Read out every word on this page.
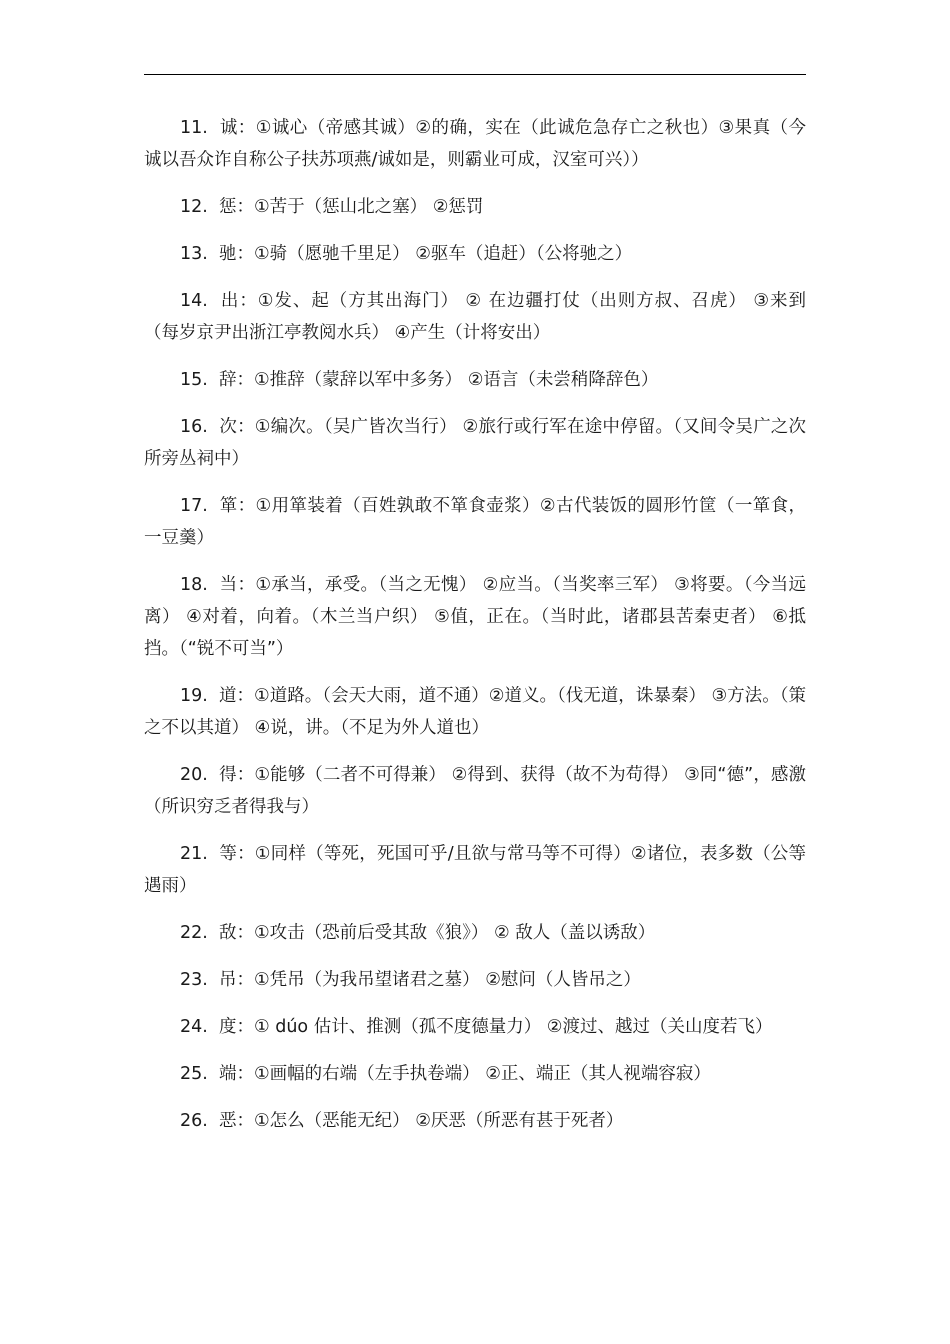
11. 诚：①诚心（帝感其诚）②的确，实在（此诚危急存亡之秋也）③果真（今诚以吾众诈自称公子扶苏项燕/诚如是，则霸业可成，汉室可兴））

12. 惩：①苦于（惩山北之塞） ②惩罚

13. 驰：①骑（愿驰千里足） ②驱车（追赶）（公将驰之）

14. 出：①发、起（方其出海门） ② 在边疆打仗（出则方叔、召虎） ③来到（每岁京尹出浙江亭教阅水兵） ④产生（计将安出）

15. 辞：①推辞（蒙辞以军中多务） ②语言（未尝稍降辞色）

16. 次：①编次。（吴广皆次当行） ②旅行或行军在途中停留。（又间令吴广之次所旁丛祠中）

17. 箪：①用箪装着（百姓孰敢不箪食壶浆）②古代装饭的圆形竹筐（一箪食，一豆羹）

18. 当：①承当，承受。（当之无愧） ②应当。（当奖率三军） ③将要。（今当远离） ④对着，向着。（木兰当户织） ⑤值，正在。（当时此，诸郡县苦秦吏者） ⑥抵挡。（“锐不可当”）

19. 道：①道路。（会天大雨，道不通）②道义。（伐无道，诛暴秦） ③方法。（策之不以其道） ④说，讲。（不足为外人道也）

20. 得：①能够（二者不可得兼） ②得到、获得（故不为苟得） ③同“德”，感激（所识穷乏者得我与）

21. 等：①同样（等死，死国可乎/且欲与常马等不可得）②诸位，表多数（公等遇雨）

22. 敌：①攻击（恐前后受其敌《狼》） ② 敌人（盖以诱敌）

23. 吊：①凭吊（为我吊望诸君之墓） ②慰问（人皆吊之）

24. 度：① dúo 估计、推测（孤不度德量力） ②渡过、越过（关山度若飞）

25. 端：①画幅的右端（左手执卷端） ②正、端正（其人视端容寂）

26. 恶：①怎么（恶能无纪） ②厌恶（所恶有甚于死者）
